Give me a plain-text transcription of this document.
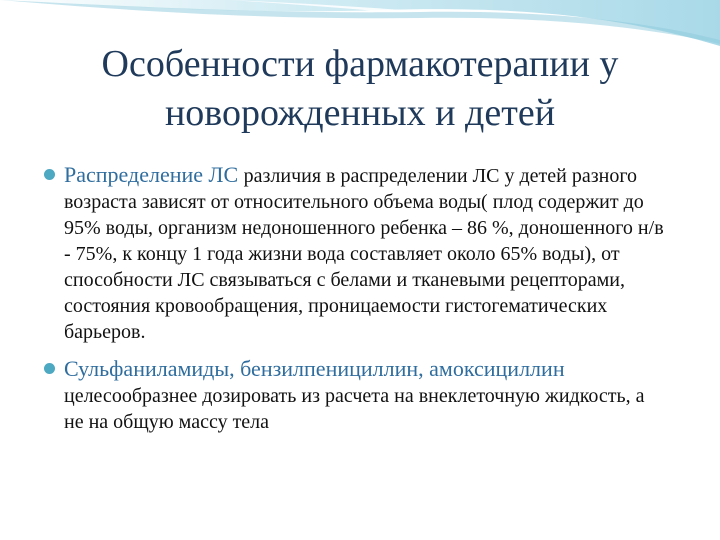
Особенности фармакотерапии у
новорожденных и детей
Распределение ЛС различия в распределении ЛС у детей разного возраста зависят от относительного объема воды( плод содержит до 95% воды, организм недоношенного ребенка – 86 %, доношенного н/в - 75%, к концу 1 года жизни вода составляет около 65% воды), от способности ЛС связываться с белами и тканевыми рецепторами, состояния кровообращения, проницаемости гистогематических барьеров.
Сульфаниламиды, бензилпенициллин, амоксициллин целесообразнее дозировать из расчета на внеклеточную жидкость, а не на общую массу тела
